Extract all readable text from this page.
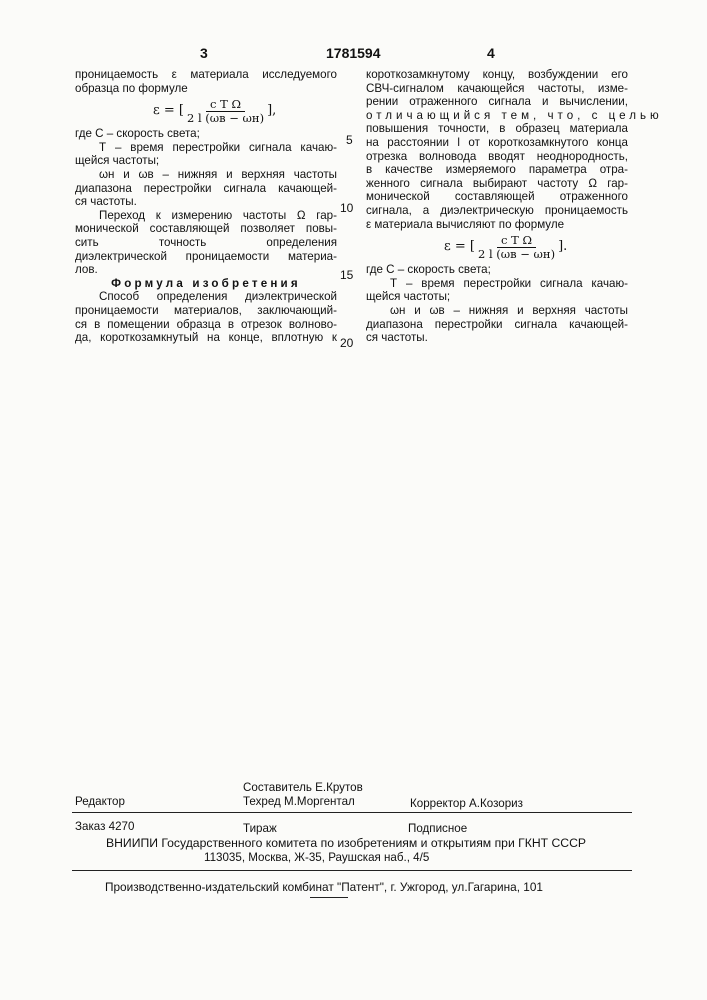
3	1781594	4
проницаемость ε материала исследуемого
образца по формуле
ε = [	c T Ω
2 l (ωв − ωн) ],
где С – скорость света;
Т – время перестройки сигнала качаю-
щейся частоты;
ωн и ωв – нижняя и верхняя частоты
диапазона перестройки сигнала качающей-
ся частоты.
Переход к измерению частоты Ω гар-
монической составляющей позволяет повы-
сить точность определения
диэлектрической проницаемости материа-
лов.
Формула изобретения
Способ определения диэлектрической
проницаемости материалов, заключающий-
ся в помещении образца в отрезок волново-
да, короткозамкнутый на конце, вплотную к
короткозамкнутому концу, возбуждении его
СВЧ-сигналом качающейся частоты, изме-
рении отраженного сигнала и вычислении,
отличающийся тем, что, с целью
повышения точности, в образец материала
на расстоянии l от короткозамкнутого конца
отрезка волновода вводят неоднородность,
в качестве измеряемого параметра отра-
женного сигнала выбирают частоту Ω гар-
монической составляющей отраженного
сигнала, а диэлектрическую проницаемость
ε материала вычисляют по формуле
ε = [	c T Ω
2 l (ωв − ωн) ].
где С – скорость света;
Т – время перестройки сигнала качаю-
щейся частоты;
ωн и ωв – нижняя и верхняя частоты
диапазона перестройки сигнала качающей-
ся частоты.
5
10
15
20
Составитель Е.Крутов
Редактор	Техред М.Моргентал	Корректор А.Козориз
Заказ 4270	Тираж	Подписное
ВНИИПИ Государственного комитета по изобретениям и открытиям при ГКНТ СССР
113035, Москва, Ж-35, Раушская наб., 4/5
Производственно-издательский комбинат "Патент", г. Ужгород, ул.Гагарина, 101
